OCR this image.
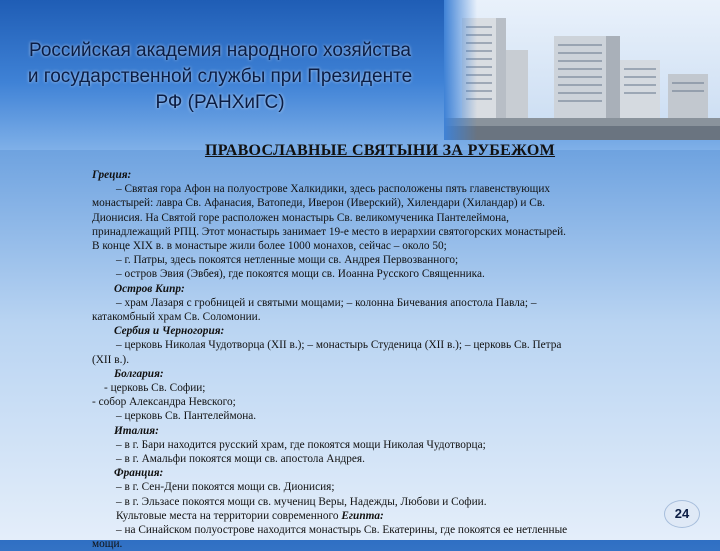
Российская академия народного хозяйства
и государственной службы при Президенте
РФ (РАНХиГС)
ПРАВОСЛАВНЫЕ СВЯТЫНИ ЗА РУБЕЖОМ
Греция:
– Святая гора Афон на полуострове Халкидики, здесь расположены пять главенствующих
монастырей: лавра Св. Афанасия, Ватопеди, Иверон (Иверский), Хилендари (Хиландар) и Св.
Дионисия. На Святой горе расположен монастырь Св. великомученика Пантелеймона,
принадлежащий РПЦ. Этот монастырь занимает 19-е место в иерархии святогорских монастырей.
В конце XIX в. в монастыре жили более 1000 монахов, сейчас – около 50;
– г. Патры, здесь покоятся нетленные мощи св. Андрея Первозванного;
– остров Эвия (Эвбея), где покоятся мощи св. Иоанна Русского Священника.
Остров Кипр:
– храм Лазаря с гробницей и святыми мощами; – колонна Бичевания апостола Павла; –
катакомбный храм Св. Соломонии.
Сербия и Черногория:
– церковь Николая Чудотворца (XII в.); – монастырь Студеница (XII в.); – церковь Св. Петра
(XII в.).
Болгария:
- церковь Св. Софии;
- собор Александра Невского;
– церковь Св. Пантелеймона.
Италия:
– в г. Бари находится русский храм, где покоятся мощи Николая Чудотворца;
– в г. Амальфи покоятся мощи св. апостола Андрея.
Франция:
– в г. Сен-Дени покоятся мощи св. Дионисия;
– в г. Эльзасе покоятся мощи св. мучениц Веры, Надежды, Любови и Софии.
Культовые места на территории современного Египта:
– на Синайском полуострове находится монастырь Св. Екатерины, где покоятся ее нетленные
мощи.
24
